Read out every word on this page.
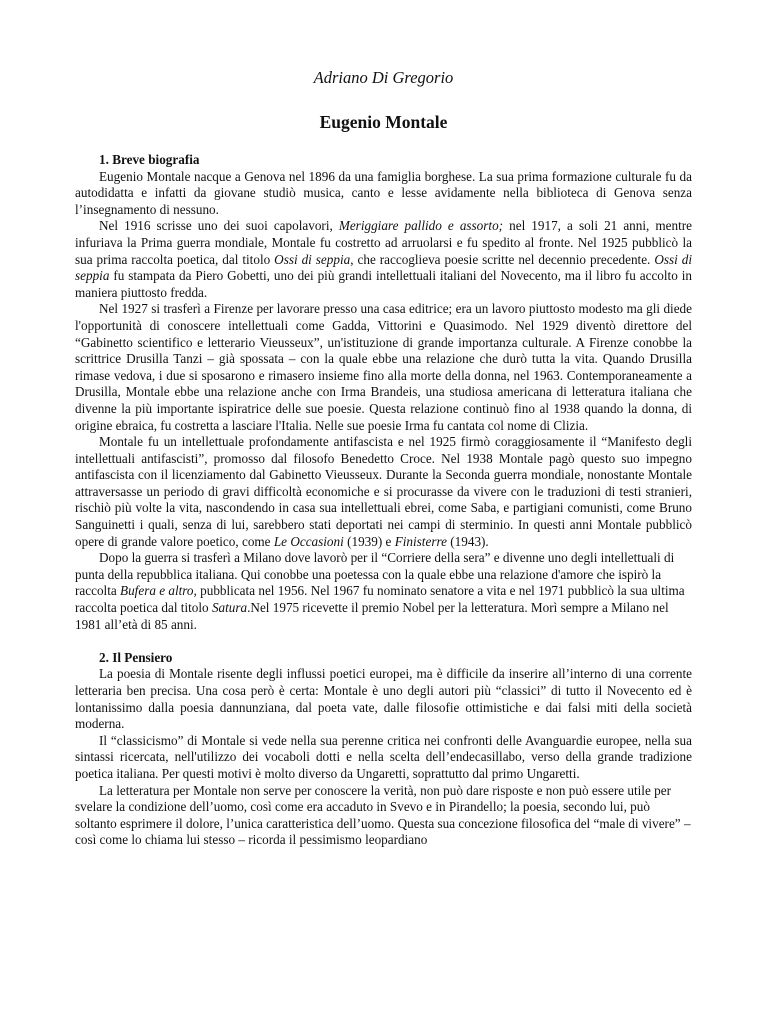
Adriano Di Gregorio

Eugenio Montale
1. Breve biografia

Eugenio Montale nacque a Genova nel 1896 da una famiglia borghese. La sua prima formazione culturale fu da autodidatta e infatti da giovane studiò musica, canto e lesse avidamente nella biblioteca di Genova senza l’insegnamento di nessuno.

Nel 1916 scrisse uno dei suoi capolavori, Meriggiare pallido e assorto; nel 1917, a soli 21 anni, mentre infuriava la Prima guerra mondiale, Montale fu costretto ad arruolarsi e fu spedito al fronte. Nel 1925 pubblicò la sua prima raccolta poetica, dal titolo Ossi di seppia, che raccoglieva poesie scritte nel decennio precedente. Ossi di seppia fu stampata da Piero Gobetti, uno dei più grandi intellettuali italiani del Novecento, ma il libro fu accolto in maniera piuttosto fredda.

Nel 1927 si trasferì a Firenze per lavorare presso una casa editrice; era un lavoro piuttosto modesto ma gli diede l'opportunità di conoscere intellettuali come Gadda, Vittorini e Quasimodo. Nel 1929 diventò direttore del “Gabinetto scientifico e letterario Vieusseux”, un'istituzione di grande importanza culturale. A Firenze conobbe la scrittrice Drusilla Tanzi – già spossata – con la quale ebbe una relazione che durò tutta la vita. Quando Drusilla rimase vedova, i due si sposarono e rimasero insieme fino alla morte della donna, nel 1963. Contemporaneamente a Drusilla, Montale ebbe una relazione anche con Irma Brandeis, una studiosa americana di letteratura italiana che divenne la più importante ispiratrice delle sue poesie. Questa relazione continuò fino al 1938 quando la donna, di origine ebraica, fu costretta a lasciare l'Italia. Nelle sue poesie Irma fu cantata col nome di Clizia.

Montale fu un intellettuale profondamente antifascista e nel 1925 firmò coraggiosamente il “Manifesto degli intellettuali antifascisti”, promosso dal filosofo Benedetto Croce. Nel 1938 Montale pagò questo suo impegno antifascista con il licenziamento dal Gabinetto Vieusseux. Durante la Seconda guerra mondiale, nonostante Montale attraversasse un periodo di gravi difficoltà economiche e si procurasse da vivere con le traduzioni di testi stranieri, rischiò più volte la vita, nascondendo in casa sua intellettuali ebrei, come Saba, e partigiani comunisti, come Bruno Sanguinetti i quali, senza di lui, sarebbero stati deportati nei campi di sterminio. In questi anni Montale pubblicò opere di grande valore poetico, come Le Occasioni (1939) e Finisterre (1943).

Dopo la guerra si trasferì a Milano dove lavorò per il “Corriere della sera” e divenne uno degli intellettuali di punta della repubblica italiana. Qui conobbe una poetessa con la quale ebbe una relazione d'amore che ispirò la raccolta Bufera e altro, pubblicata nel 1956. Nel 1967 fu nominato senatore a vita e nel 1971 pubblicò la sua ultima raccolta poetica dal titolo Satura.Nel 1975 ricevette il premio Nobel per la letteratura. Morì sempre a Milano nel 1981 all’età di 85 anni.

2. Il Pensiero

La poesia di Montale risente degli influssi poetici europei, ma è difficile da inserire all’interno di una corrente letteraria ben precisa. Una cosa però è certa: Montale è uno degli autori più “classici” di tutto il Novecento ed è lontanissimo dalla poesia dannunziana, dal poeta vate, dalle filosofie ottimistiche e dai falsi miti della società moderna.

Il “classicismo” di Montale si vede nella sua perenne critica nei confronti delle Avanguardie europee, nella sua sintassi ricercata, nell'utilizzo dei vocaboli dotti e nella scelta dell’endecasillabo, verso della grande tradizione poetica italiana. Per questi motivi è molto diverso da Ungaretti, soprattutto dal primo Ungaretti.

La letteratura per Montale non serve per conoscere la verità, non può dare risposte e non può essere utile per svelare la condizione dell’uomo, così come era accaduto in Svevo e in Pirandello; la poesia, secondo lui, può soltanto esprimere il dolore, l’unica caratteristica dell’uomo. Questa sua concezione filosofica del “male di vivere” – così come lo chiama lui stesso – ricorda il pessimismo leopardiano
